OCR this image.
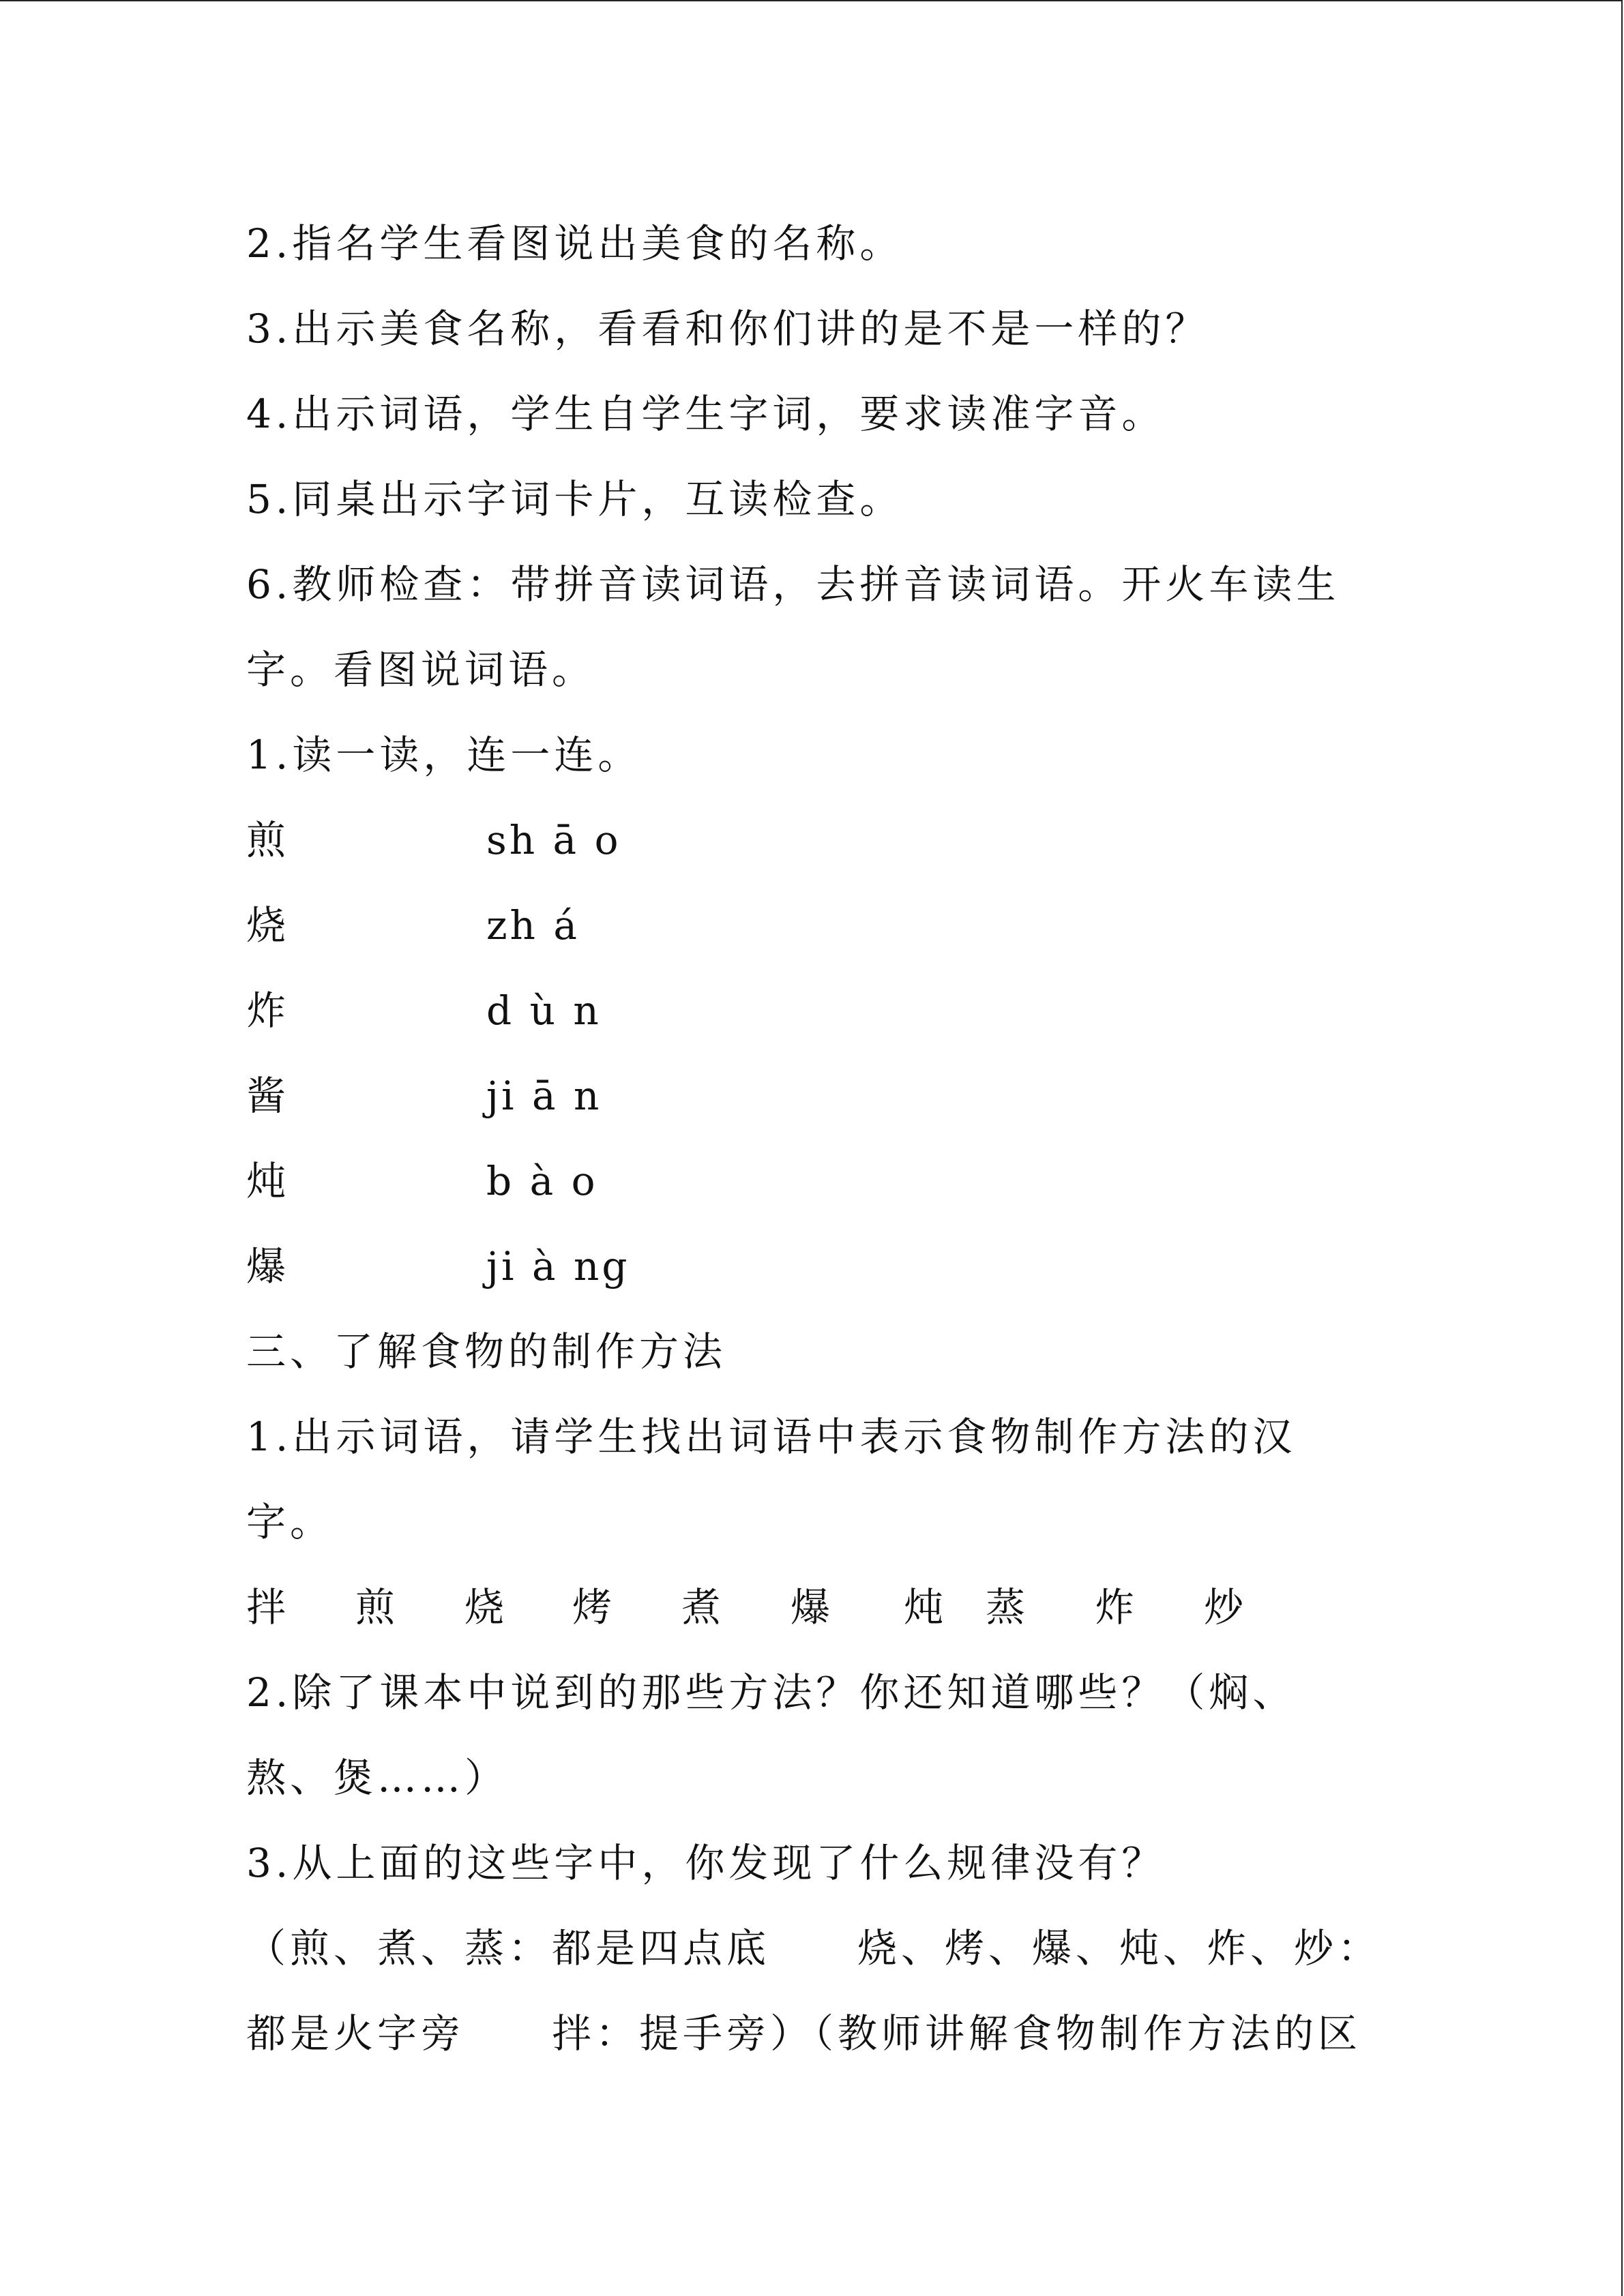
2.指名学生看图说出美食的名称。
3.出示美食名称，看看和你们讲的是不是一样的？
4.出示词语，学生自学生字词，要求读准字音。
5.同桌出示字词卡片，互读检查。
6.教师检查：带拼音读词语，去拼音读词语。开火车读生
字。看图说词语。
1.读一读，连一连。
煎	sh ā o
烧	zh á
炸	d ù n
酱	ji ā n
炖	b à o
爆	ji à ng
三、了解食物的制作方法
1.出示词语，请学生找出词语中表示食物制作方法的汉
字。
拌 煎 烧 烤 煮 爆 炖 蒸 炸 炒
2.除了课本中说到的那些方法？你还知道哪些？（焖、
熬、煲……）
3.从上面的这些字中，你发现了什么规律没有？
（煎、煮、蒸：都是四点底　　烧、烤、爆、炖、炸、炒：
都是火字旁　　拌：提手旁）（教师讲解食物制作方法的区
